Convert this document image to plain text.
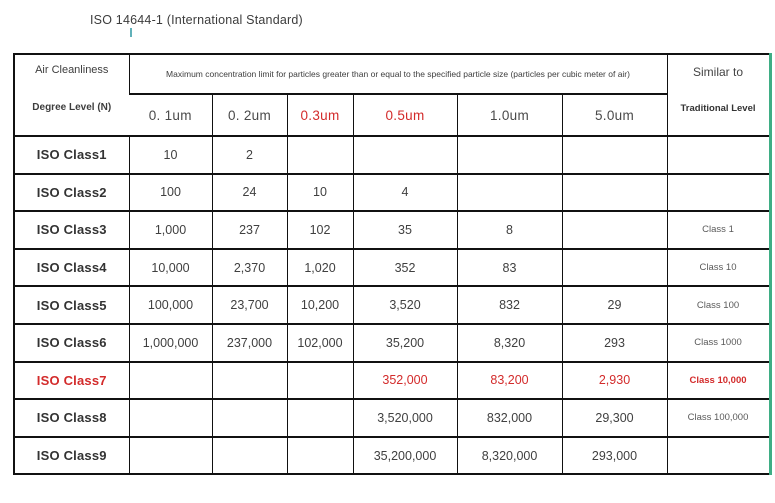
ISO 14644-1 (International Standard)
Air Cleanliness
Degree Level (N)
	Maximum concentration limit for particles greater than or equal to the specified particle size (particles per cubic meter of air)	Similar to
Traditional Level

	0. 1um	0. 2um	0.3um	0.5um	1.0um	5.0um	
ISO Class1	10	2					
ISO Class2	100	24	10	4			
ISO Class3	1,000	237	102	35	8		Class 1
ISO Class4	10,000	2,370	1,020	352	83		Class 10
ISO Class5	100,000	23,700	10,200	3,520	832	29	Class 100
ISO Class6	1,000,000	237,000	102,000	35,200	8,320	293	Class 1000
ISO Class7				352,000	83,200	2,930	Class 10,000
ISO Class8				3,520,000	832,000	29,300	Class 100,000
ISO Class9				35,200,000	8,320,000	293,000	
